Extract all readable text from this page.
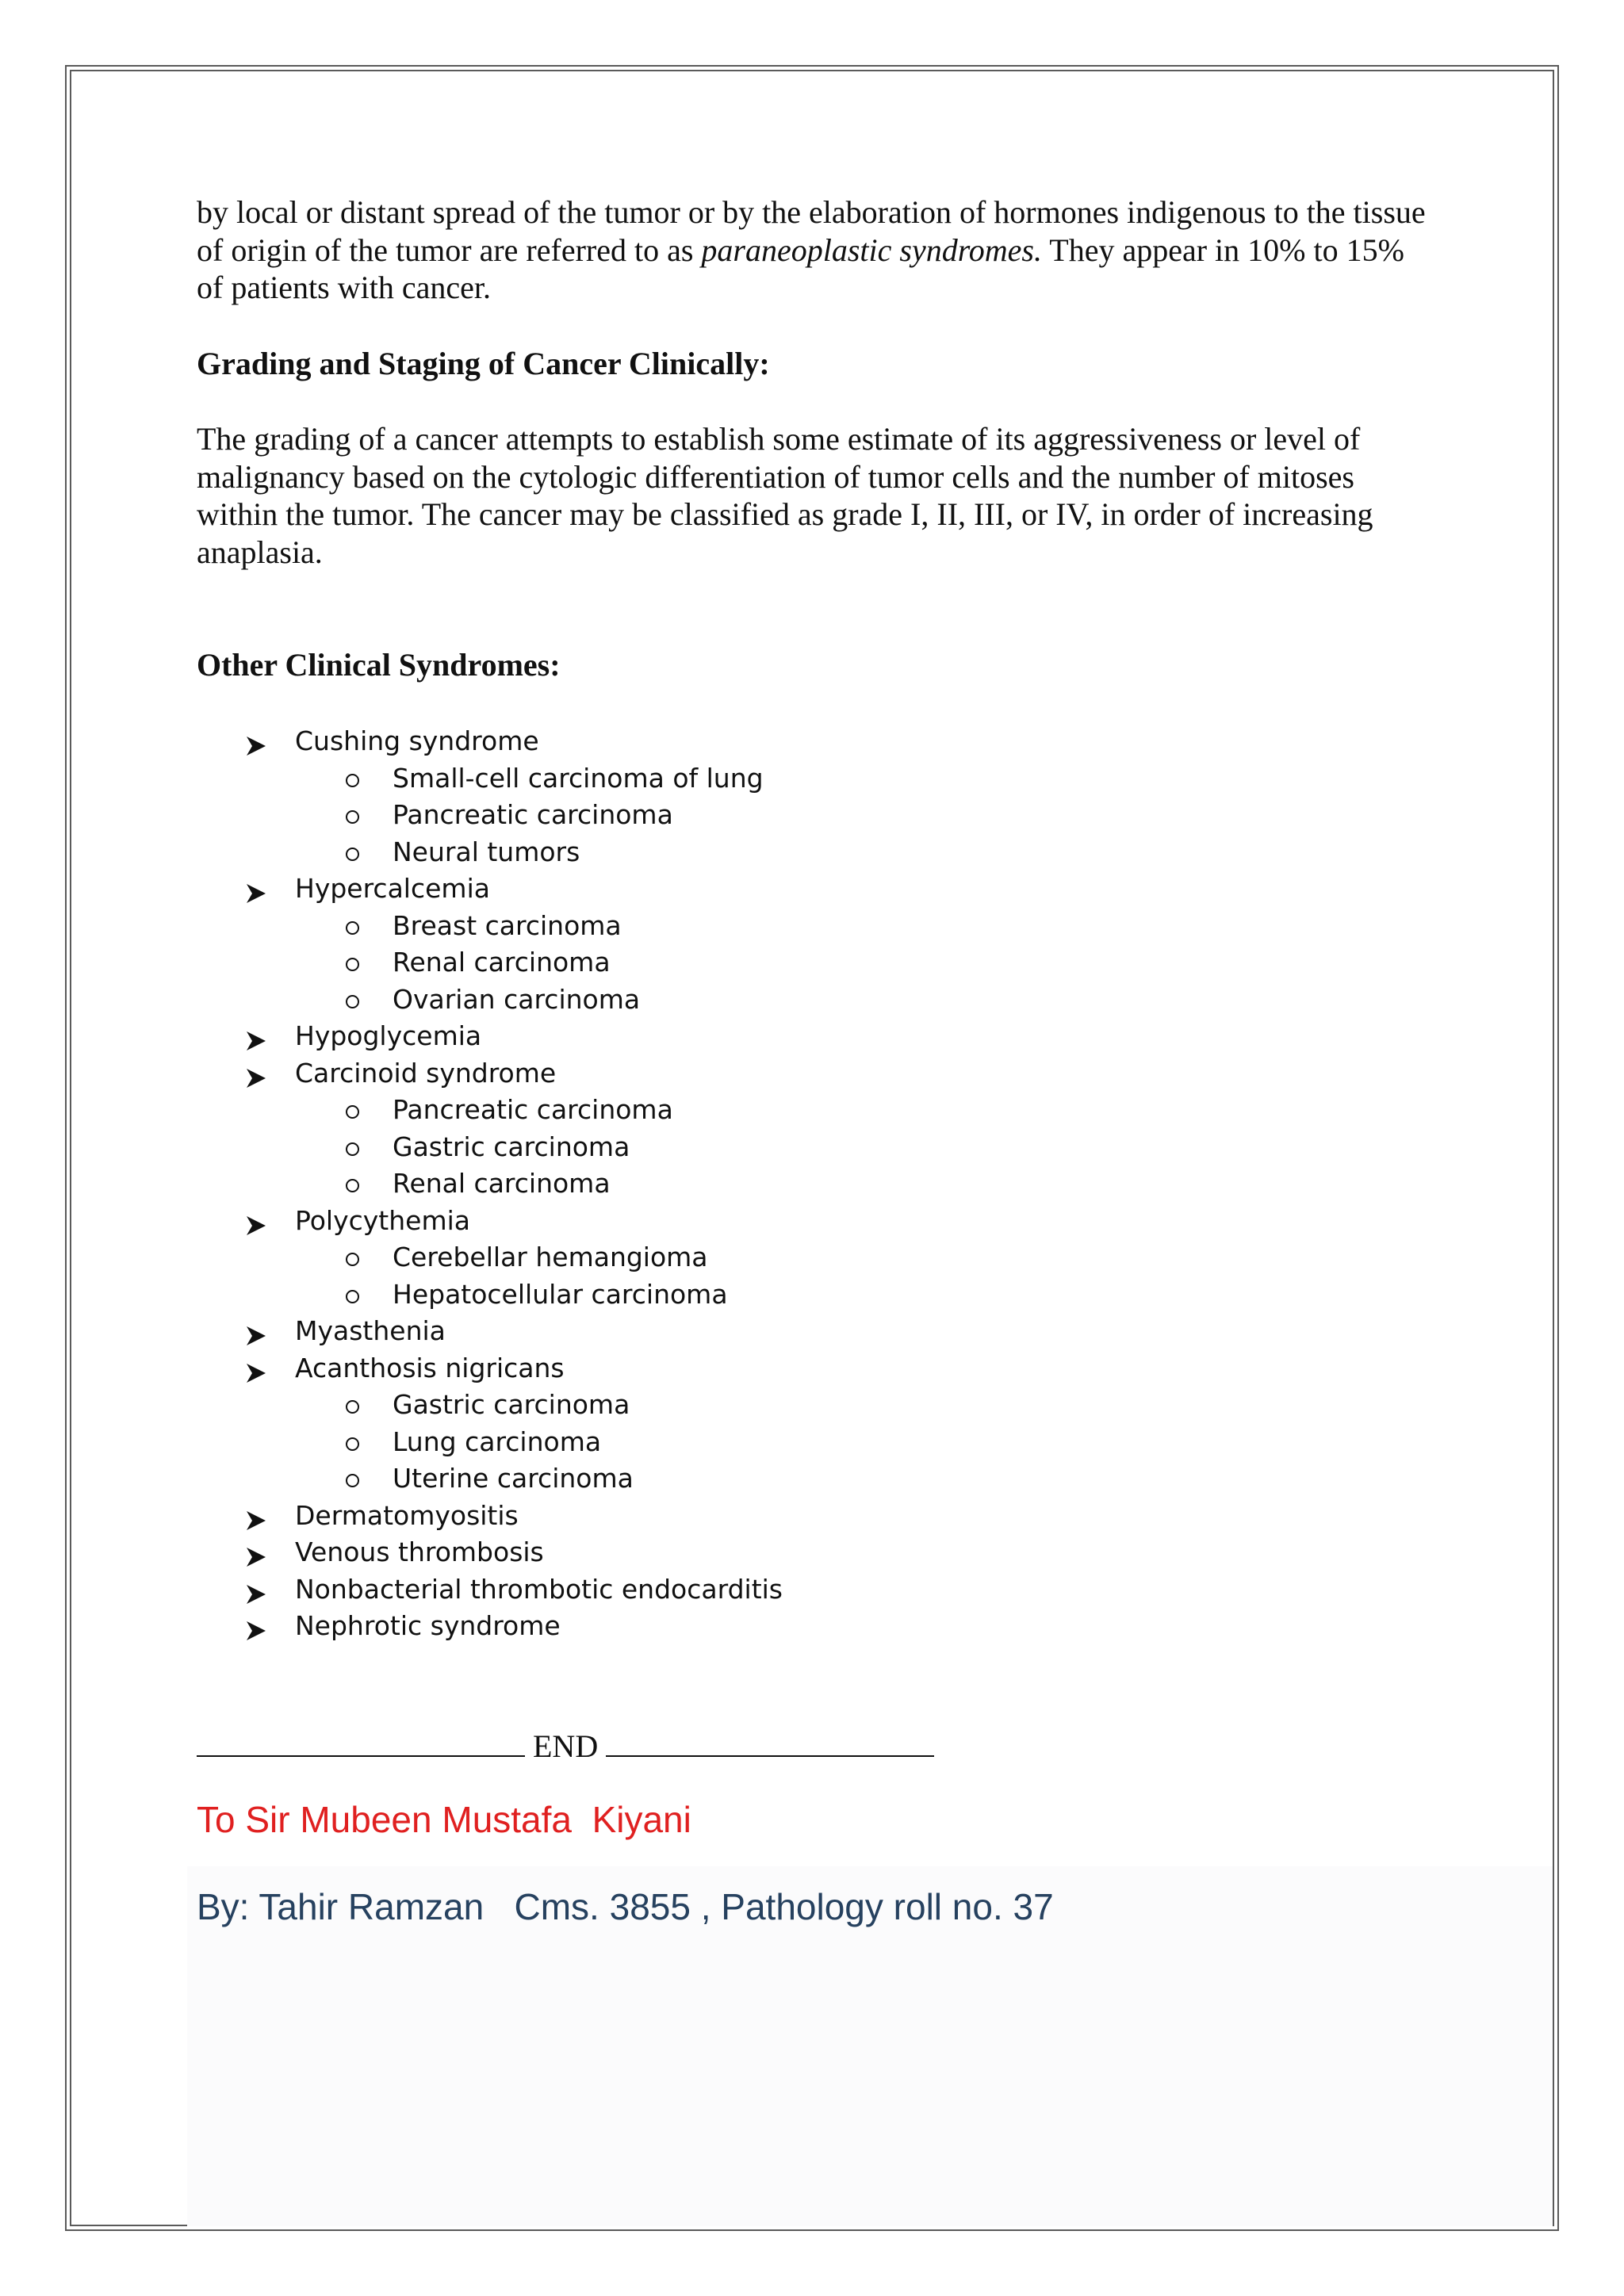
by local or distant spread of the tumor or by the elaboration of hormones indigenous to the tissue of origin of the tumor are referred to as paraneoplastic syndromes. They appear in 10% to 15% of patients with cancer.

Grading and Staging of Cancer Clinically:

The grading of a cancer attempts to establish some estimate of its aggressiveness or level of malignancy based on the cytologic differentiation of tumor cells and the number of mitoses within the tumor. The cancer may be classified as grade I, II, III, or IV, in order of increasing anaplasia.

Other Clinical Syndromes:
Cushing syndrome
Small-cell carcinoma of lung
Pancreatic carcinoma
Neural tumors
Hypercalcemia
Breast carcinoma
Renal carcinoma
Ovarian carcinoma
Hypoglycemia
Carcinoid syndrome
Pancreatic carcinoma
Gastric carcinoma
Renal carcinoma
Polycythemia
Cerebellar hemangioma
Hepatocellular carcinoma
Myasthenia
Acanthosis nigricans
Gastric carcinoma
Lung carcinoma
Uterine carcinoma
Dermatomyositis
Venous thrombosis
Nonbacterial thrombotic endocarditis
Nephrotic syndrome
END
To Sir Mubeen Mustafa  Kiyani
By: Tahir Ramzan   Cms. 3855 , Pathology roll no. 37
